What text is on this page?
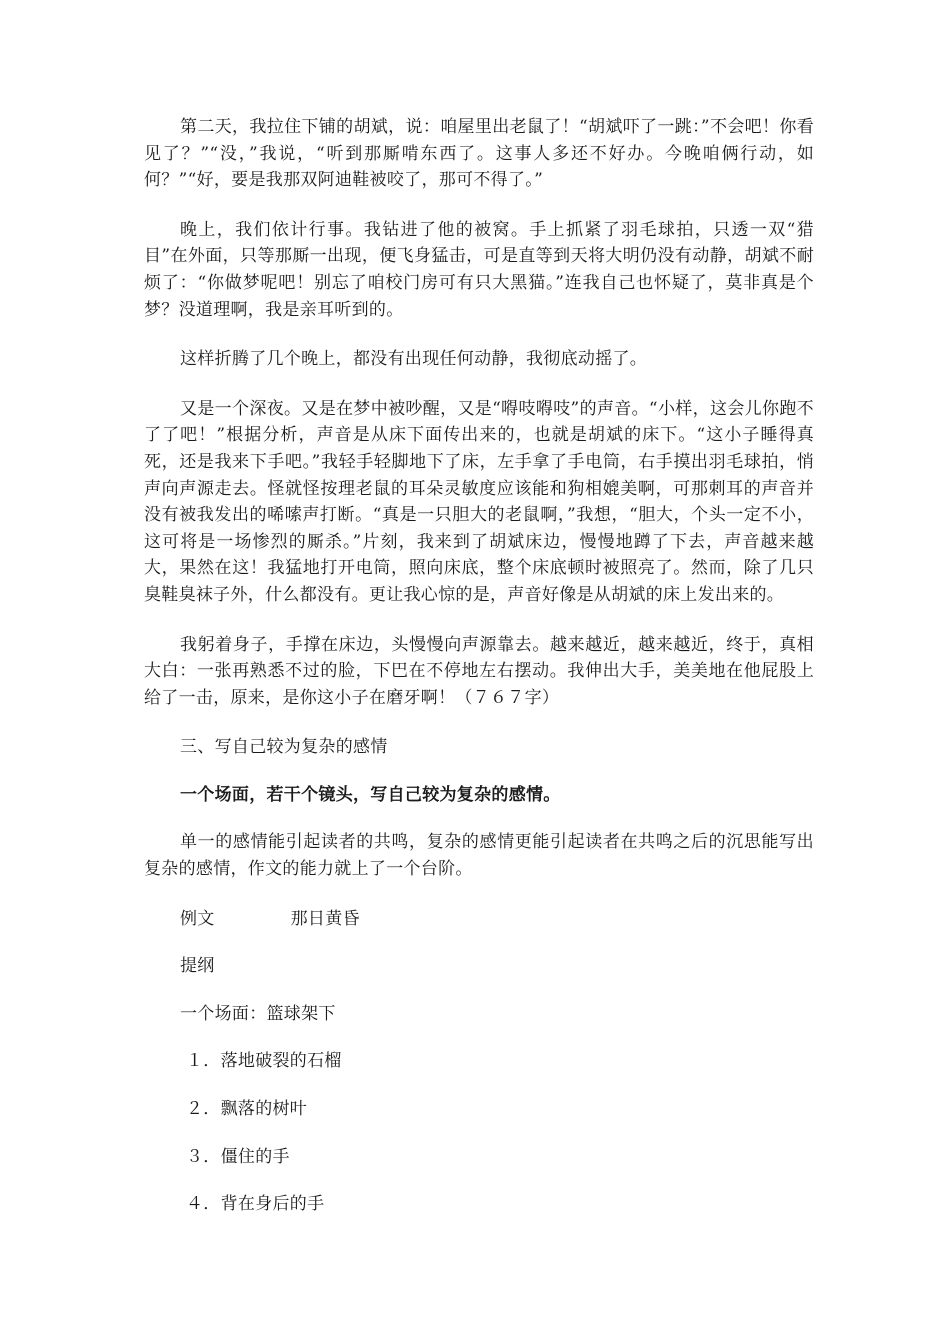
第二天，我拉住下铺的胡斌，说：咱屋里出老鼠了！“胡斌吓了一跳：”不会吧！你看见了？”“没，”我说，“听到那厮啃东西了。这事人多还不好办。今晚咱俩行动，如何？”“好，要是我那双阿迪鞋被咬了，那可不得了。”

晚上，我们依计行事。我钻进了他的被窝。手上抓紧了羽毛球拍，只透一双“猎目”在外面，只等那厮一出现，便飞身猛击，可是直等到天将大明仍没有动静，胡斌不耐烦了：“你做梦呢吧！别忘了咱校门房可有只大黑猫。”连我自己也怀疑了，莫非真是个梦？没道理啊，我是亲耳听到的。

这样折腾了几个晚上，都没有出现任何动静，我彻底动摇了。

又是一个深夜。又是在梦中被吵醒，又是“嘚吱嘚吱”的声音。“小样，这会儿你跑不了了吧！”根据分析，声音是从床下面传出来的，也就是胡斌的床下。“这小子睡得真死，还是我来下手吧。”我轻手轻脚地下了床，左手拿了手电筒，右手摸出羽毛球拍，悄声向声源走去。怪就怪按理老鼠的耳朵灵敏度应该能和狗相媲美啊，可那刺耳的声音并没有被我发出的唏嗦声打断。“真是一只胆大的老鼠啊，”我想，“胆大，个头一定不小，这可将是一场惨烈的厮杀。”片刻，我来到了胡斌床边，慢慢地蹲了下去，声音越来越大，果然在这！我猛地打开电筒，照向床底，整个床底顿时被照亮了。然而，除了几只臭鞋臭袜子外，什么都没有。更让我心惊的是，声音好像是从胡斌的床上发出来的。

我躬着身子，手撑在床边，头慢慢向声源靠去。越来越近，越来越近，终于，真相大白：一张再熟悉不过的脸，下巴在不停地左右摆动。我伸出大手，美美地在他屁股上给了一击，原来，是你这小子在磨牙啊！（７６７字）

三、写自己较为复杂的感情

一个场面，若干个镜头，写自己较为复杂的感情。

单一的感情能引起读者的共鸣，复杂的感情更能引起读者在共鸣之后的沉思能写出复杂的感情，作文的能力就上了一个台阶。

例文	那日黄昏

提纲

一个场面：篮球架下

１．落地破裂的石榴

２．飘落的树叶

３．僵住的手

４．背在身后的手
